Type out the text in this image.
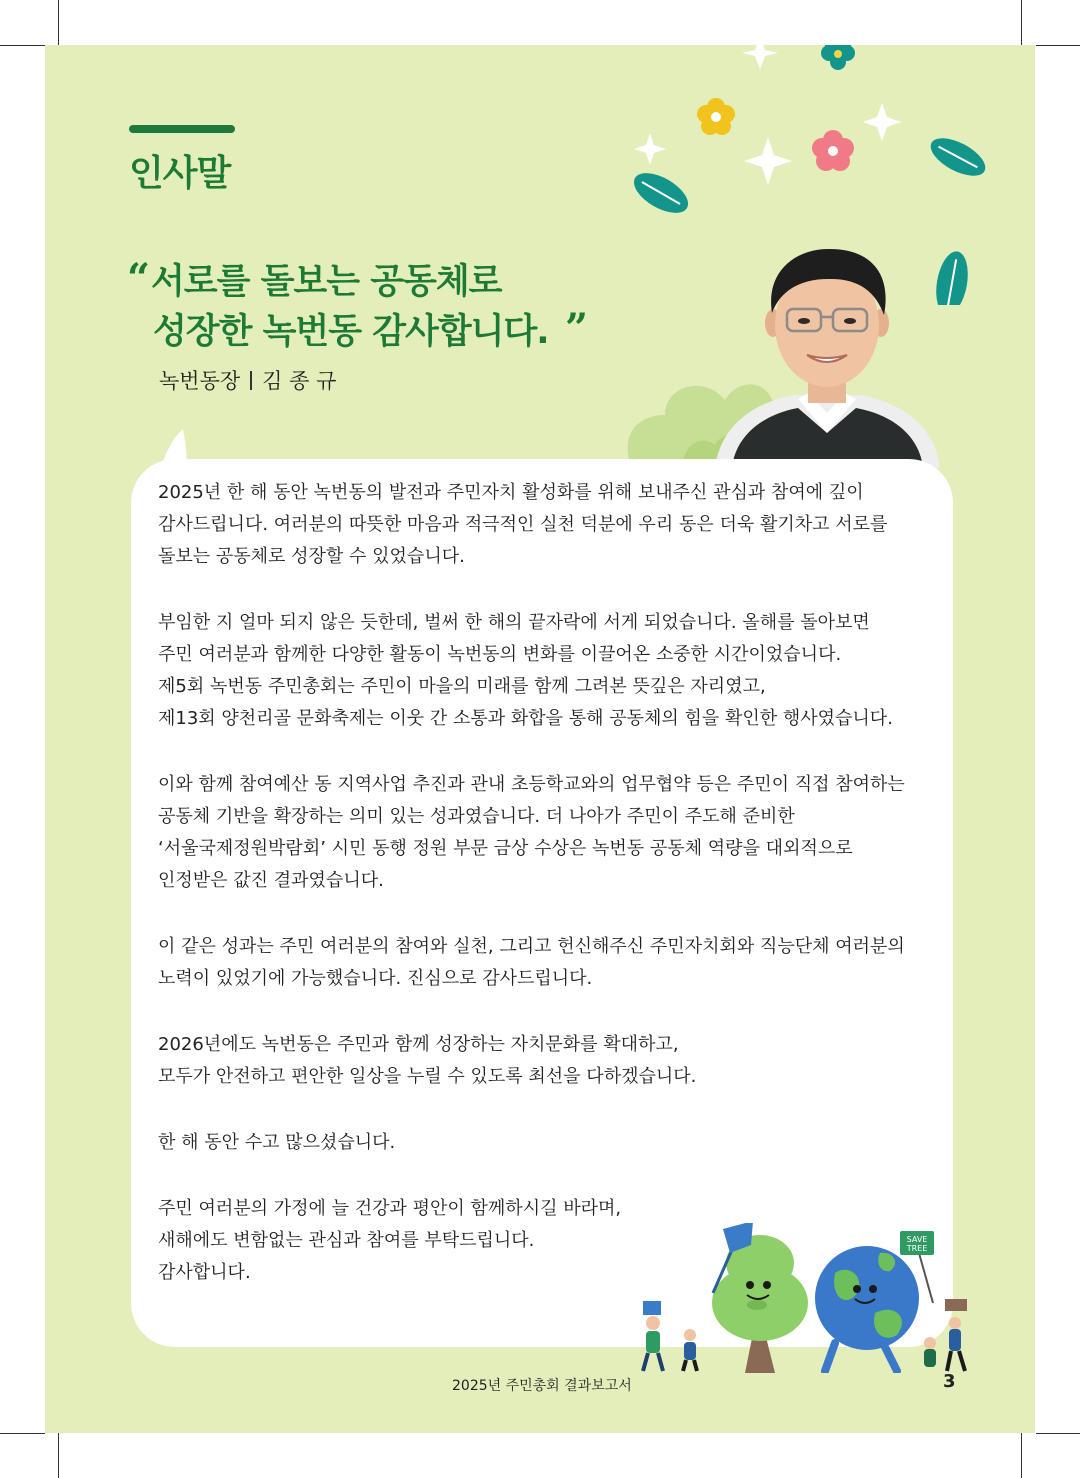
인사말
“ 서로를 돌보는 공동체로
성장한 녹번동 감사합니다. ”
녹번동장 김 종 규
2025년 한 해 동안 녹번동의 발전과 주민자치 활성화를 위해 보내주신 관심과 참여에 깊이
감사드립니다. 여러분의 따뜻한 마음과 적극적인 실천 덕분에 우리 동은 더욱 활기차고 서로를
돌보는 공동체로 성장할 수 있었습니다.
부임한 지 얼마 되지 않은 듯한데, 벌써 한 해의 끝자락에 서게 되었습니다. 올해를 돌아보면
주민 여러분과 함께한 다양한 활동이 녹번동의 변화를 이끌어온 소중한 시간이었습니다.
제5회 녹번동 주민총회는 주민이 마을의 미래를 함께 그려본 뜻깊은 자리였고,
제13회 양천리골 문화축제는 이웃 간 소통과 화합을 통해 공동체의 힘을 확인한 행사였습니다.
이와 함께 참여예산 동 지역사업 추진과 관내 초등학교와의 업무협약 등은 주민이 직접 참여하는
공동체 기반을 확장하는 의미 있는 성과였습니다. 더 나아가 주민이 주도해 준비한
‘서울국제정원박람회’ 시민 동행 정원 부문 금상 수상은 녹번동 공동체 역량을 대외적으로
인정받은 값진 결과였습니다.
이 같은 성과는 주민 여러분의 참여와 실천, 그리고 헌신해주신 주민자치회와 직능단체 여러분의
노력이 있었기에 가능했습니다. 진심으로 감사드립니다.
2026년에도 녹번동은 주민과 함께 성장하는 자치문화를 확대하고,
모두가 안전하고 편안한 일상을 누릴 수 있도록 최선을 다하겠습니다.
한 해 동안 수고 많으셨습니다.
주민 여러분의 가정에 늘 건강과 평안이 함께하시길 바라며,
새해에도 변함없는 관심과 참여를 부탁드립니다.
감사합니다.
SAVE
TREE
2025년 주민총회 결과보고서	3
